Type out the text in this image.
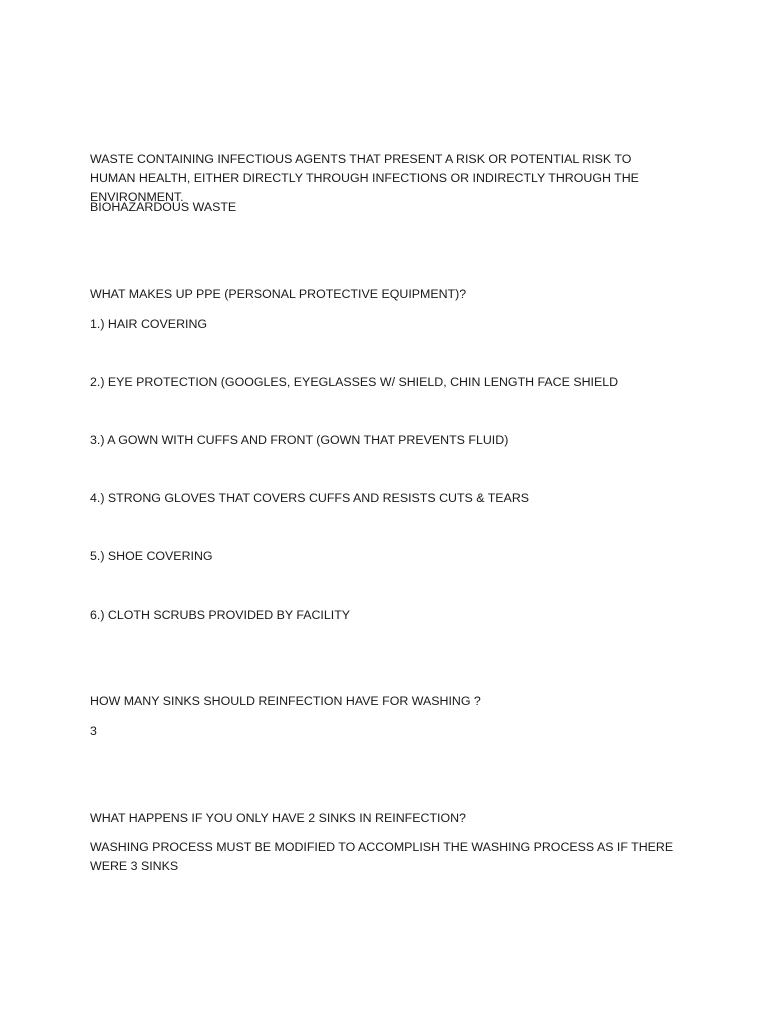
WASTE CONTAINING INFECTIOUS AGENTS THAT PRESENT A RISK OR POTENTIAL RISK TO HUMAN HEALTH, EITHER DIRECTLY THROUGH INFECTIONS OR INDIRECTLY THROUGH THE ENVIRONMENT.
BIOHAZARDOUS WASTE
WHAT MAKES UP PPE (PERSONAL PROTECTIVE EQUIPMENT)?
1.) HAIR COVERING
2.) EYE PROTECTION (GOOGLES, EYEGLASSES W/ SHIELD, CHIN LENGTH FACE SHIELD
3.) A GOWN WITH CUFFS AND FRONT (GOWN THAT PREVENTS FLUID)
4.) STRONG GLOVES THAT COVERS CUFFS AND RESISTS CUTS & TEARS
5.) SHOE COVERING
6.) CLOTH SCRUBS PROVIDED BY FACILITY
HOW MANY SINKS SHOULD REINFECTION HAVE FOR WASHING ?
3
WHAT HAPPENS IF YOU ONLY HAVE 2 SINKS IN REINFECTION?
WASHING PROCESS MUST BE MODIFIED TO ACCOMPLISH THE WASHING PROCESS AS IF THERE WERE 3 SINKS
